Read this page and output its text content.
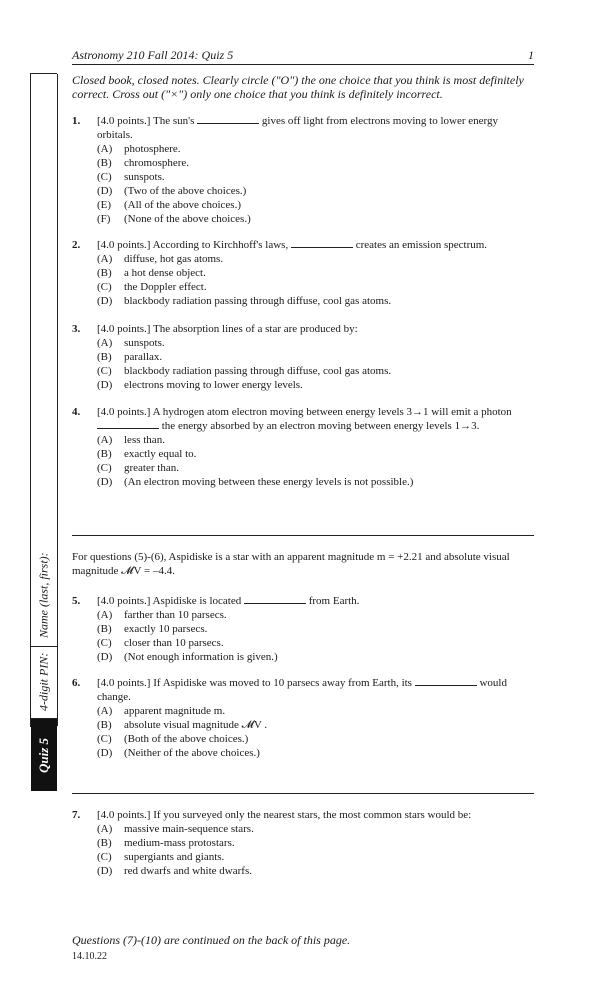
Astronomy 210 Fall 2014: Quiz 5	1
Name (last, first):
4-digit PIN:
Quiz 5
Closed book, closed notes. Clearly circle ("O") the one choice that you think is most definitely correct. Cross out ("×") only one choice that you think is definitely incorrect.
1. [4.0 points.] The sun's	gives off light from electrons moving to lower energy orbitals.
(A)	photosphere.
(B)	chromosphere.
(C)	sunspots.
(D)	(Two of the above choices.)
(E)	(All of the above choices.)
(F)	(None of the above choices.)
2. [4.0 points.] According to Kirchhoff's laws,	creates an emission spectrum.
(A)	diffuse, hot gas atoms.
(B)	a hot dense object.
(C)	the Doppler effect.
(D)	blackbody radiation passing through diffuse, cool gas atoms.
3. [4.0 points.] The absorption lines of a star are produced by:
(A)	sunspots.
(B)	parallax.
(C)	blackbody radiation passing through diffuse, cool gas atoms.
(D)	electrons moving to lower energy levels.
4. [4.0 points.] A hydrogen atom electron moving between energy levels 3→1 will emit a photon  the energy absorbed by an electron moving between energy levels 1→3.
(A)	less than.
(B)	exactly equal to.
(C)	greater than.
(D)	(An electron moving between these energy levels is not possible.)
For questions (5)-(6), Aspidiske is a star with an apparent magnitude m = +2.21 and absolute visual magnitude 𝓜V = –4.4.
5. [4.0 points.] Aspidiske is located	from Earth.
(A)	farther than 10 parsecs.
(B)	exactly 10 parsecs.
(C)	closer than 10 parsecs.
(D)	(Not enough information is given.)
6. [4.0 points.] If Aspidiske was moved to 10 parsecs away from Earth, its	would change.
(A)	apparent magnitude m.
(B)	absolute visual magnitude 𝓜V .
(C)	(Both of the above choices.)
(D)	(Neither of the above choices.)
7. [4.0 points.] If you surveyed only the nearest stars, the most common stars would be:
(A)	massive main-sequence stars.
(B)	medium-mass protostars.
(C)	supergiants and giants.
(D)	red dwarfs and white dwarfs.
Questions (7)-(10) are continued on the back of this page.
14.10.22
